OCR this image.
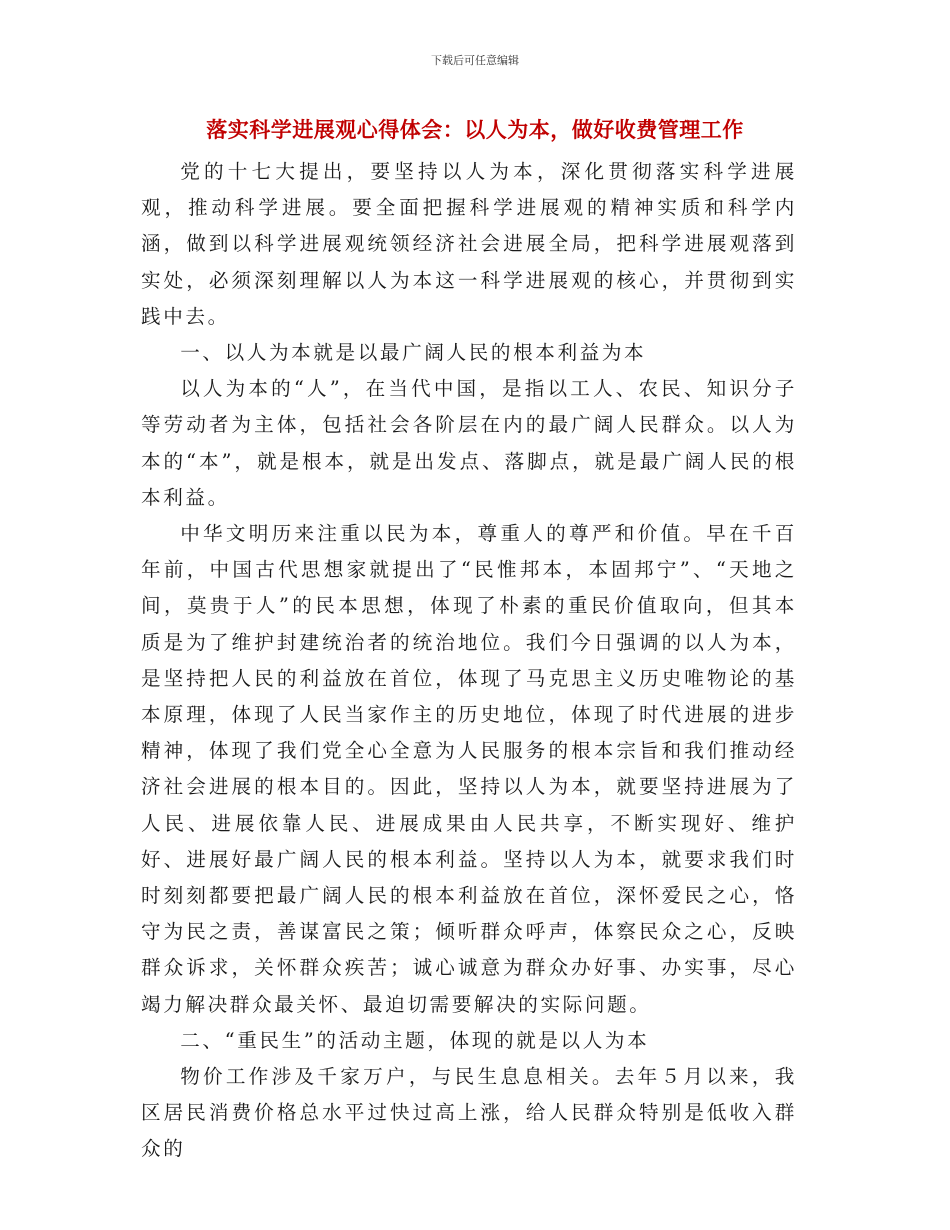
下载后可任意编辑
落实科学进展观心得体会：以人为本，做好收费管理工作

党的十七大提出，要坚持以人为本，深化贯彻落实科学进展观，推动科学进展。要全面把握科学进展观的精神实质和科学内涵，做到以科学进展观统领经济社会进展全局，把科学进展观落到实处，必须深刻理解以人为本这一科学进展观的核心，并贯彻到实践中去。

一、以人为本就是以最广阔人民的根本利益为本

以人为本的“人”，在当代中国，是指以工人、农民、知识分子等劳动者为主体，包括社会各阶层在内的最广阔人民群众。以人为本的“本”，就是根本，就是出发点、落脚点，就是最广阔人民的根本利益。

中华文明历来注重以民为本，尊重人的尊严和价值。早在千百年前，中国古代思想家就提出了“民惟邦本，本固邦宁”、“天地之间，莫贵于人”的民本思想，体现了朴素的重民价值取向，但其本质是为了维护封建统治者的统治地位。我们今日强调的以人为本，是坚持把人民的利益放在首位，体现了马克思主义历史唯物论的基本原理，体现了人民当家作主的历史地位，体现了时代进展的进步精神，体现了我们党全心全意为人民服务的根本宗旨和我们推动经济社会进展的根本目的。因此，坚持以人为本，就要坚持进展为了人民、进展依靠人民、进展成果由人民共享，不断实现好、维护好、进展好最广阔人民的根本利益。坚持以人为本，就要求我们时时刻刻都要把最广阔人民的根本利益放在首位，深怀爱民之心，恪守为民之责，善谋富民之策；倾听群众呼声，体察民众之心，反映群众诉求，关怀群众疾苦；诚心诚意为群众办好事、办实事，尽心竭力解决群众最关怀、最迫切需要解决的实际问题。

二、“重民生”的活动主题，体现的就是以人为本

物价工作涉及千家万户，与民生息息相关。去年５月以来，我区居民消费价格总水平过快过高上涨，给人民群众特别是低收入群众的
